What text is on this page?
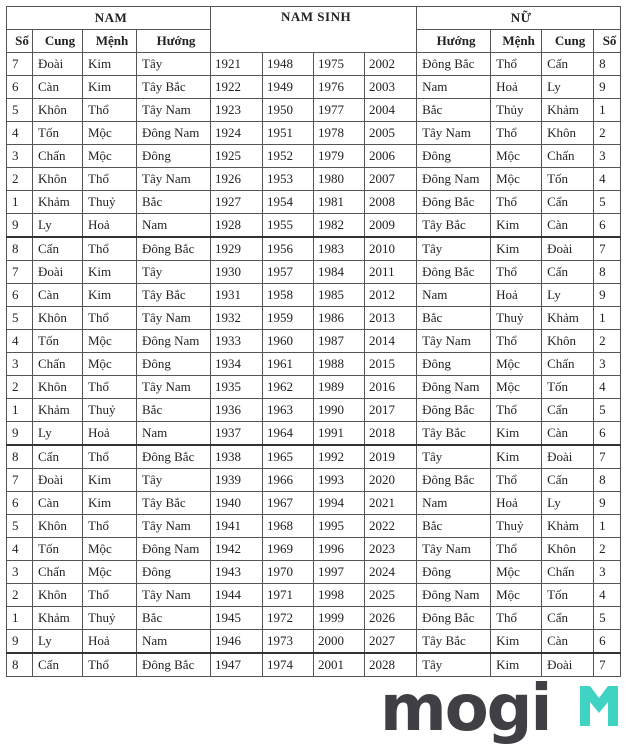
NAM				NAM SINH				NỮ			
Số	Cung	Mệnh	Hướng					Hướng	Mệnh	Cung	Số
7	Đoài	Kim	Tây	1921	1948	1975	2002	Đông Bắc	Thổ	Cấn	8
6	Càn	Kim	Tây Bắc	1922	1949	1976	2003	Nam	Hoả	Ly	9
5	Khôn	Thổ	Tây Nam	1923	1950	1977	2004	Bắc	Thủy	Khảm	1
4	Tốn	Mộc	Đông Nam	1924	1951	1978	2005	Tây Nam	Thổ	Khôn	2
3	Chấn	Mộc	Đông	1925	1952	1979	2006	Đông	Mộc	Chấn	3
2	Khôn	Thổ	Tây Nam	1926	1953	1980	2007	Đông Nam	Mộc	Tốn	4
1	Khảm	Thuỷ	Bắc	1927	1954	1981	2008	Đông Bắc	Thổ	Cấn	5
9	Ly	Hoả	Nam	1928	1955	1982	2009	Tây Bắc	Kim	Càn	6
8	Cấn	Thổ	Đông Bắc	1929	1956	1983	2010	Tây	Kim	Đoài	7
7	Đoài	Kim	Tây	1930	1957	1984	2011	Đông Bắc	Thổ	Cấn	8
6	Càn	Kim	Tây Bắc	1931	1958	1985	2012	Nam	Hoả	Ly	9
5	Khôn	Thổ	Tây Nam	1932	1959	1986	2013	Bắc	Thuỷ	Khảm	1
4	Tốn	Mộc	Đông Nam	1933	1960	1987	2014	Tây Nam	Thổ	Khôn	2
3	Chấn	Mộc	Đông	1934	1961	1988	2015	Đông	Mộc	Chấn	3
2	Khôn	Thổ	Tây Nam	1935	1962	1989	2016	Đông Nam	Mộc	Tốn	4
1	Khảm	Thuỷ	Bắc	1936	1963	1990	2017	Đông Bắc	Thổ	Cấn	5
9	Ly	Hoả	Nam	1937	1964	1991	2018	Tây Bắc	Kim	Càn	6
8	Cấn	Thổ	Đông Bắc	1938	1965	1992	2019	Tây	Kim	Đoài	7
7	Đoài	Kim	Tây	1939	1966	1993	2020	Đông Bắc	Thổ	Cấn	8
6	Càn	Kim	Tây Bắc	1940	1967	1994	2021	Nam	Hoả	Ly	9
5	Khôn	Thổ	Tây Nam	1941	1968	1995	2022	Bắc	Thuỷ	Khảm	1
4	Tốn	Mộc	Đông Nam	1942	1969	1996	2023	Tây Nam	Thổ	Khôn	2
3	Chấn	Mộc	Đông	1943	1970	1997	2024	Đông	Mộc	Chấn	3
2	Khôn	Thổ	Tây Nam	1944	1971	1998	2025	Đông Nam	Mộc	Tốn	4
1	Khảm	Thuỷ	Bắc	1945	1972	1999	2026	Đông Bắc	Thổ	Cấn	5
9	Ly	Hoả	Nam	1946	1973	2000	2027	Tây Bắc	Kim	Càn	6
8	Cấn	Thổ	Đông Bắc	1947	1974	2001	2028	Tây	Kim	Đoài	7
mogi
